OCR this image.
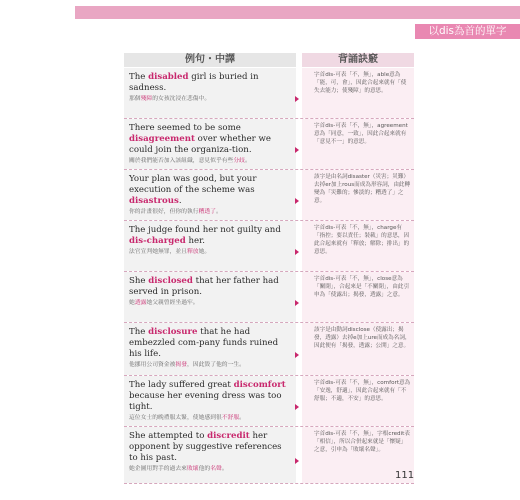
以dis為首的單字
例句・中譯	背誦訣竅
The disabled girl is buried in sadness.
那個殘障的女孩沈浸在悲傷中。
字首dis-可表「不，無」，able意為「能，可，會」，因此合起來就有「使失去能力；使殘障」的意思。
There seemed to be some disagreement over whether we could join the organiza-tion.
關於我們能否加入該組織，意見似乎有些分歧。
字首dis-可表「不，無」，agreement意為「同意，一致」，因此合起來就有「意見不一」的意思。
Your plan was good, but your execution of the scheme was disastrous.
你的計畫很好，但你的執行糟透了。
該字是由名詞disaster（災害；災難）去掉er加上rous而成為形容詞，由此轉變為「災難的；慘淡的；糟透了」之意。
The judge found her not guilty and dis-charged her.
法官宣判她無罪，並且釋放她。
字首dis-可表「不，無」，charge有「指控；要以責任；裝載」的意思，因此合起來就有「釋放；解除；排出」的意思。
She disclosed that her father had served in prison.
她透露她父親曾經坐過牢。
字首dis-可表「不，無」，close意為「關閉」，合起來是「不關閉」，由此引申為「使露出；揭發，透露」之意。
The disclosure that he had embezzled com-pany funds ruined his life.
他挪用公司資金被揭發，因此毀了他的一生。
該字是由動詞disclose（使露出；揭發，透露）去掉e加上ure而成為名詞，因此便有「揭發，透露；公開」之意。
The lady suffered great discomfort because her evening dress was too tight.
這位女士的晚禮服太緊，使她感到很不舒服。
字首dis-可表「不，無」，comfort意為「安逸，舒適」，因此合起來就有「不舒服；不適，不安」的意思。
She attempted to discredit her opponent by suggestive references to his past.
她企圖用對手的過去來敗壞他的名聲。
字首dis-可表「不，無」，字根credit表「相信」，所以合併起來就是「懷疑」之意，引申為「敗壞名聲」。
111
